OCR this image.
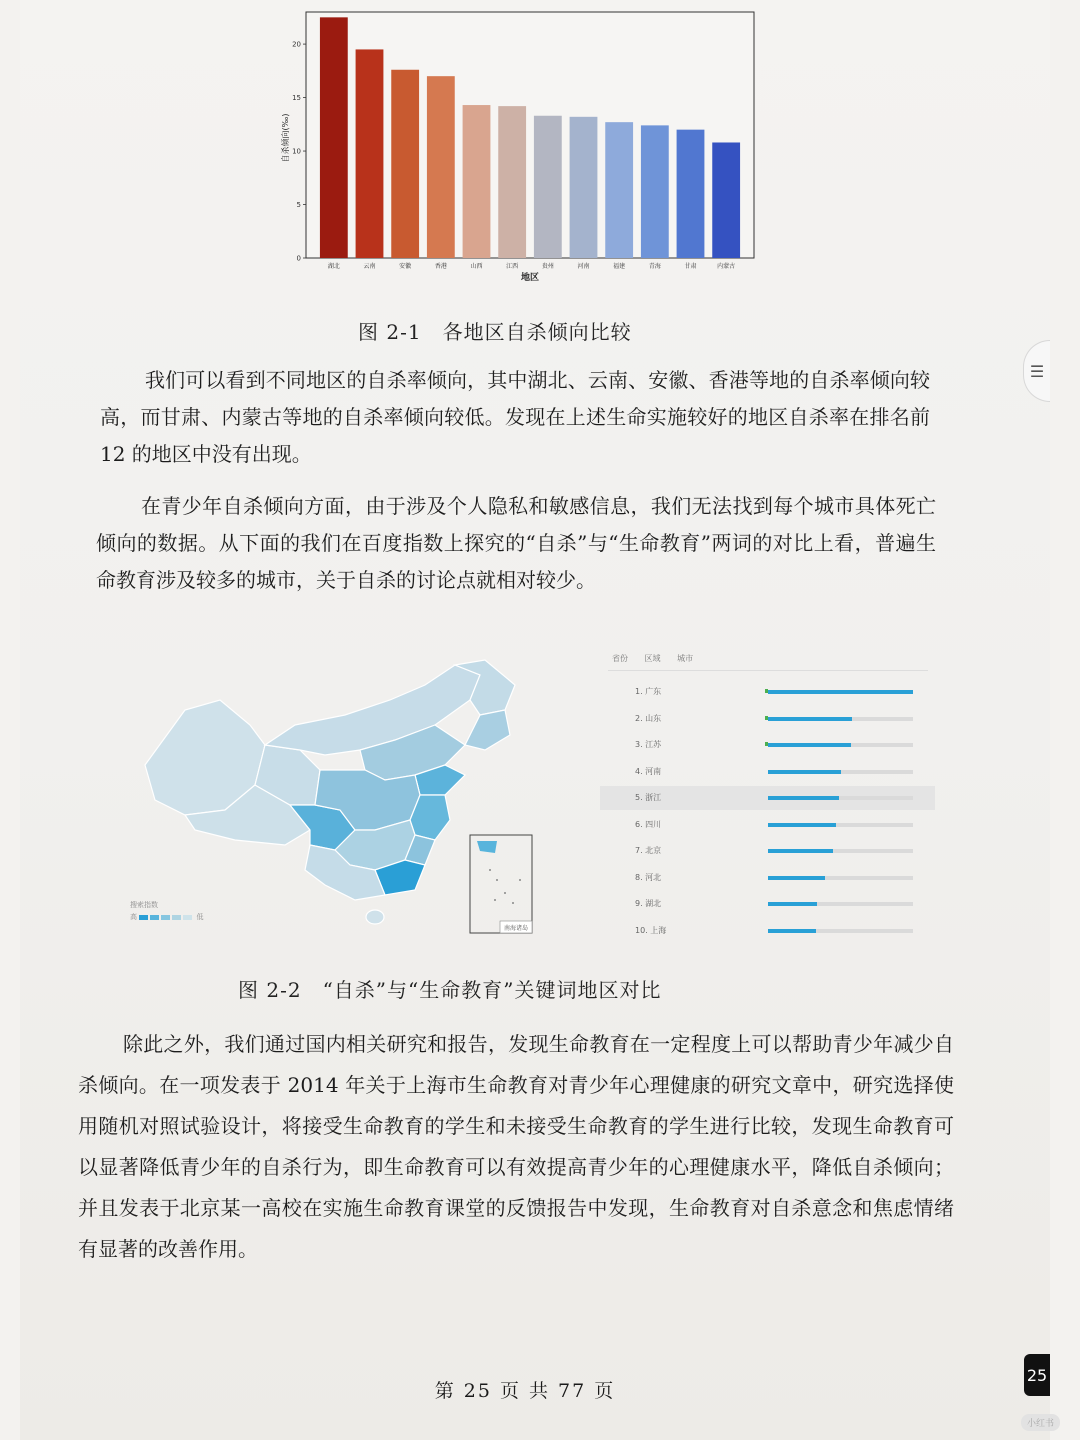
0
5
10
15
20
湖北	云南	安徽	香港	山西	江西	贵州	河南	福建	青海	甘肃	内蒙古
自杀倾向(‰)
地区
图 2-1　各地区自杀倾向比较

我们可以看到不同地区的自杀率倾向，其中湖北、云南、安徽、香港等地的自杀率倾向较高，而甘肃、内蒙古等地的自杀率倾向较低。发现在上述生命实施较好的地区自杀率在排名前 12 的地区中没有出现。

在青少年自杀倾向方面，由于涉及个人隐私和敏感信息，我们无法找到每个城市具体死亡倾向的数据。从下面的我们在百度指数上探究的“自杀”与“生命教育”两词的对比上看，普遍生命教育涉及较多的城市，关于自杀的讨论点就相对较少。

南海诸岛
搜索指数
高	低
省份 区域 城市
1. 广东
2. 山东
3. 江苏
4. 河南
5. 浙江
6. 四川
7. 北京
8. 河北
9. 湖北
10. 上海
图 2-2　“自杀”与“生命教育”关键词地区对比

除此之外，我们通过国内相关研究和报告，发现生命教育在一定程度上可以帮助青少年减少自杀倾向。在一项发表于 2014 年关于上海市生命教育对青少年心理健康的研究文章中，研究选择使用随机对照试验设计，将接受生命教育的学生和未接受生命教育的学生进行比较，发现生命教育可以显著降低青少年的自杀行为，即生命教育可以有效提高青少年的心理健康水平，降低自杀倾向；并且发表于北京某一高校在实施生命教育课堂的反馈报告中发现，生命教育对自杀意念和焦虑情绪有显著的改善作用。

第 25 页 共 77 页
☰
25
小红书
